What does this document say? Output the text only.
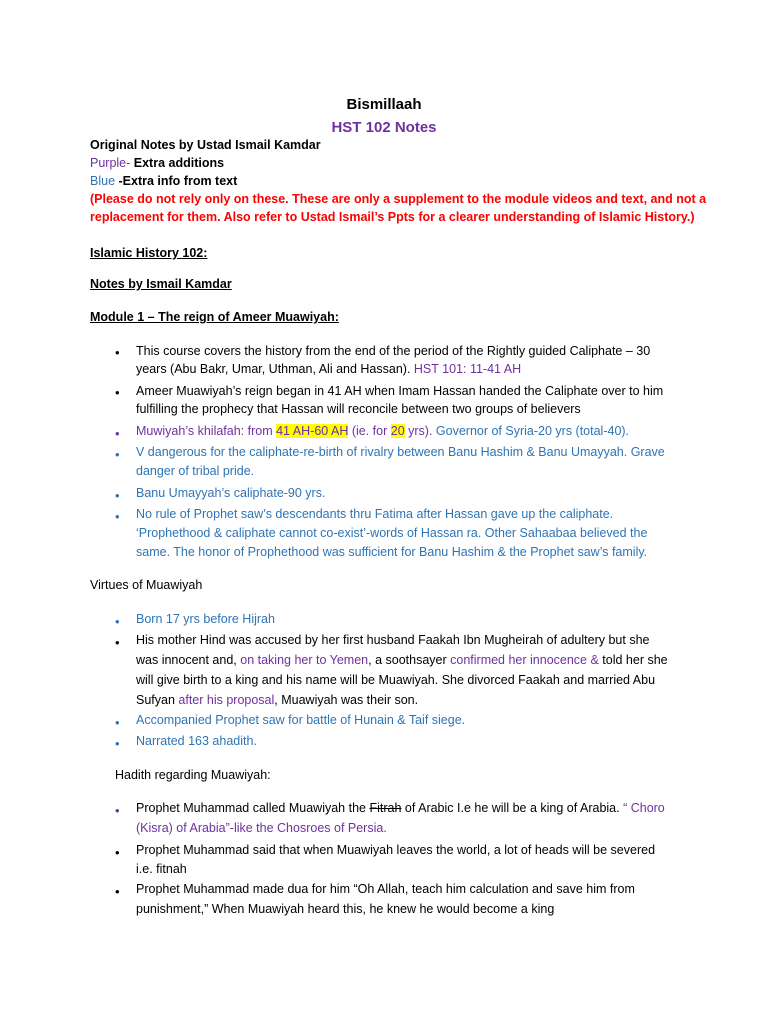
Bismillaah
HST 102 Notes
Original Notes by Ustad Ismail Kamdar
Purple- Extra additions
Blue -Extra info from text
(Please do not rely only on these. These are only a supplement to the module videos and text, and not a
replacement for them. Also refer to Ustad Ismail’s Ppts for a clearer understanding of Islamic History.)
Islamic History 102:
Notes by Ismail Kamdar
Module 1 – The reign of Ameer Muawiyah:
• This course covers the history from the end of the period of the Rightly guided Caliphate – 30
years (Abu Bakr, Umar, Uthman, Ali and Hassan). HST 101: 11-41 AH
• Ameer Muawiyah’s reign began in 41 AH when Imam Hassan handed the Caliphate over to him
fulfilling the prophecy that Hassan will reconcile between two groups of believers
• Muwiyah’s khilafah: from 41 AH-60 AH (ie. for 20 yrs). Governor of Syria-20 yrs (total-40).
• V dangerous for the caliphate-re-birth of rivalry between Banu Hashim & Banu Umayyah. Grave
danger of tribal pride.
• Banu Umayyah’s caliphate-90 yrs.
• No rule of Prophet saw’s descendants thru Fatima after Hassan gave up the caliphate.
‘Prophethood & caliphate cannot co-exist’-words of Hassan ra. Other Sahaabaa believed the
same. The honor of Prophethood was sufficient for Banu Hashim & the Prophet saw’s family.
Virtues of Muawiyah
• Born 17 yrs before Hijrah
• His mother Hind was accused by her first husband Faakah Ibn Mugheirah of adultery but she
was innocent and, on taking her to Yemen, a soothsayer confirmed her innocence & told her she
will give birth to a king and his name will be Muawiyah. She divorced Faakah and married Abu
Sufyan after his proposal, Muawiyah was their son.
• Accompanied Prophet saw for battle of Hunain & Taif siege.
• Narrated 163 ahadith.
Hadith regarding Muawiyah:
• Prophet Muhammad called Muawiyah the Fitrah of Arabic I.e he will be a king of Arabia. “ Choro
(Kisra) of Arabia”-like the Chosroes of Persia.
• Prophet Muhammad said that when Muawiyah leaves the world, a lot of heads will be severed
i.e. fitnah
• Prophet Muhammad made dua for him “Oh Allah, teach him calculation and save him from
punishment,” When Muawiyah heard this, he knew he would become a king
